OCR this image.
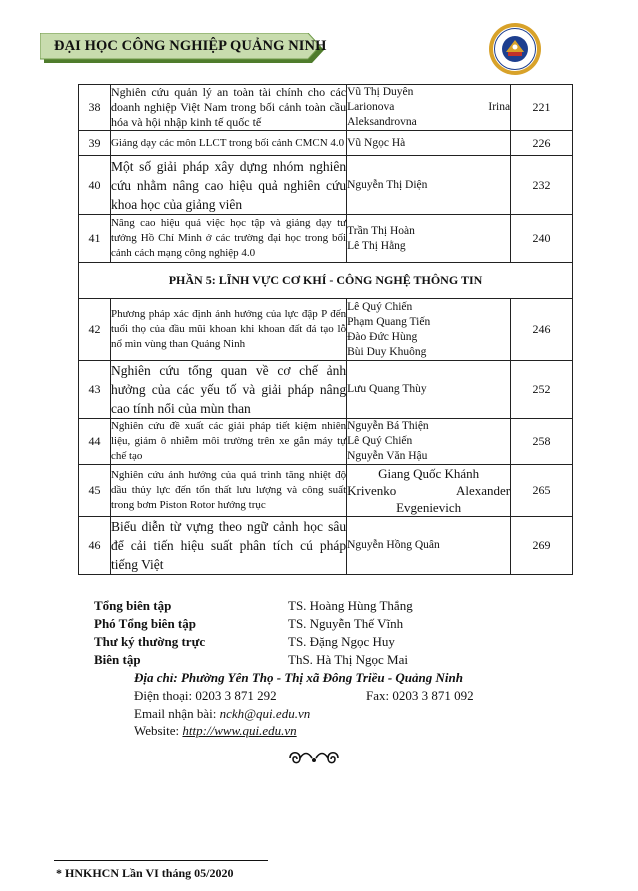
ĐẠI HỌC CÔNG NGHIỆP QUẢNG NINH
38	Nghiên cứu quản lý an toàn tài chính cho các doanh nghiệp Việt Nam trong bối cảnh toàn cầu hóa và hội nhập kinh tế quốc tế	Vũ Thị Duyên
Larionova Irina
Aleksandrovna	221
39	Giảng dạy các môn LLCT trong bối cảnh CMCN 4.0	Vũ Ngọc Hà	226
40	Một số giải pháp xây dựng nhóm nghiên cứu nhằm nâng cao hiệu quả nghiên cứu khoa học của giảng viên	Nguyễn Thị Diện	232
41	Nâng cao hiệu quả việc học tập và giảng dạy tư tưởng Hồ Chí Minh ở các trường đại học trong bối cảnh cách mạng công nghiệp 4.0	Trần Thị Hoàn
Lê Thị Hằng	240
PHẦN 5: LĨNH VỰC CƠ KHÍ - CÔNG NGHỆ THÔNG TIN			
42	Phương pháp xác định ảnh hưởng của lực đập P đến tuổi thọ của đầu mũi khoan khi khoan đất đá tạo lỗ nổ mìn vùng than Quảng Ninh	Lê Quý Chiến
Phạm Quang Tiến
Đào Đức Hùng
Bùi Duy Khuông	246
43	Nghiên cứu tổng quan về cơ chế ảnh hưởng của các yếu tố và giải pháp nâng cao tính nổi của mùn than	Lưu Quang Thùy	252
44	Nghiên cứu đề xuất các giải pháp tiết kiệm nhiên liệu, giảm ô nhiễm môi trường trên xe gắn máy tự chế tạo	Nguyễn Bá Thiện
Lê Quý Chiến
Nguyễn Văn Hậu	258
45	Nghiên cứu ảnh hưởng của quá trình tăng nhiệt độ dầu thủy lực đến tổn thất lưu lượng và công suất trong bơm Piston Rotor hướng trục	Giang Quốc Khánh
Krivenko Alexander
Evgenievich	265
46	Biểu diễn từ vựng theo ngữ cảnh học sâu để cải tiến hiệu suất phân tích cú pháp tiếng Việt	Nguyễn Hồng Quân	269
Tổng biên tập	TS. Hoàng Hùng Thắng
Phó Tổng biên tập	TS. Nguyễn Thế Vĩnh
Thư ký thường trực	TS. Đặng Ngọc Huy
Biên tập	ThS. Hà Thị Ngọc Mai
Địa chỉ: Phường Yên Thọ - Thị xã Đông Triều - Quảng Ninh
Điện thoại: 0203 3 871 292	Fax: 0203 3 871 092
Email nhận bài: nckh@qui.edu.vn
Website: http://www.qui.edu.vn
* HNKHCN Lần VI tháng 05/2020
